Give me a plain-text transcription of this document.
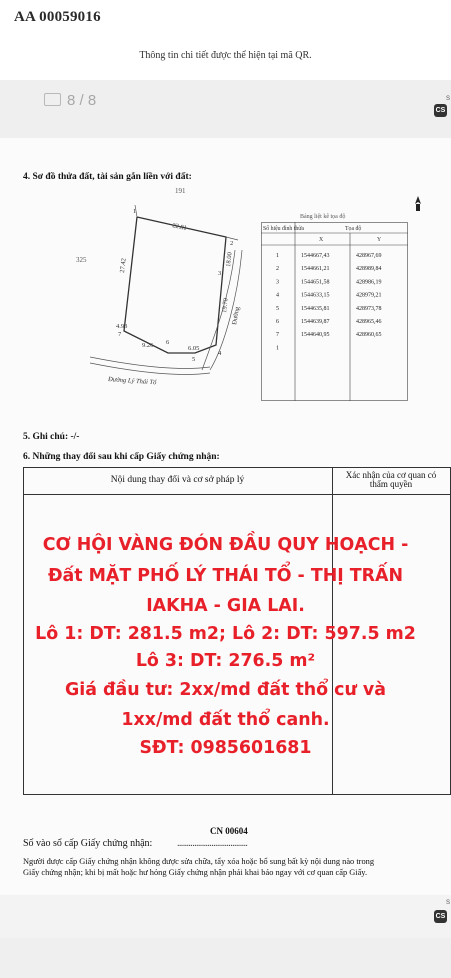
AA 00059016
Thông tin chi tiết được thể hiện tại mã QR.
8 / 8	S
CS
4. Sơ đồ thửa đất, tài sản gắn liền với đất:
191
325
22.81
27.42	18.00
19.70
4.93
9.26	6.05
1
2
3
4
5
6
7
Đường
Đường Lý Thái Tổ
Bảng liệt kê tọa độ
Số hiệu đỉnh thửa	Tọa độ
X	Y
1	1544667,43	428967,69
2	1544661,21	428989,84
3	1544651,58	428986,19
4	1544633,15	428979,21
5	1544635,81	428973,78
6	1544639,87	428965,46
7	1544640,95	428960,65
1
5. Ghi chú: -/-
6. Những thay đổi sau khi cấp Giấy chứng nhận:
Nội dung thay đổi và cơ sở pháp lý	Xác nhận của cơ quan có thẩm quyền
CƠ HỘI VÀNG ĐÓN ĐẦU QUY HOẠCH -
Đất MẶT PHỐ LÝ THÁI TỔ - THỊ TRẤN
IAKHA - GIA LAI.
Lô 1: DT: 281.5 m2; Lô 2: DT: 597.5 m2
Lô 3: DT: 276.5 m²
Giá đầu tư: 2xx/md đất thổ cư và
1xx/md đất thổ canh.
SĐT: 0985601681
CN 00604
Số vào sổ cấp Giấy chứng nhận: .....................................
Người được cấp Giấy chứng nhận không được sửa chữa, tẩy xóa hoặc bổ sung bất kỳ nội dung nào trong
Giấy chứng nhận; khi bị mất hoặc hư hỏng Giấy chứng nhận phải khai báo ngay với cơ quan cấp Giấy.
S
CS
